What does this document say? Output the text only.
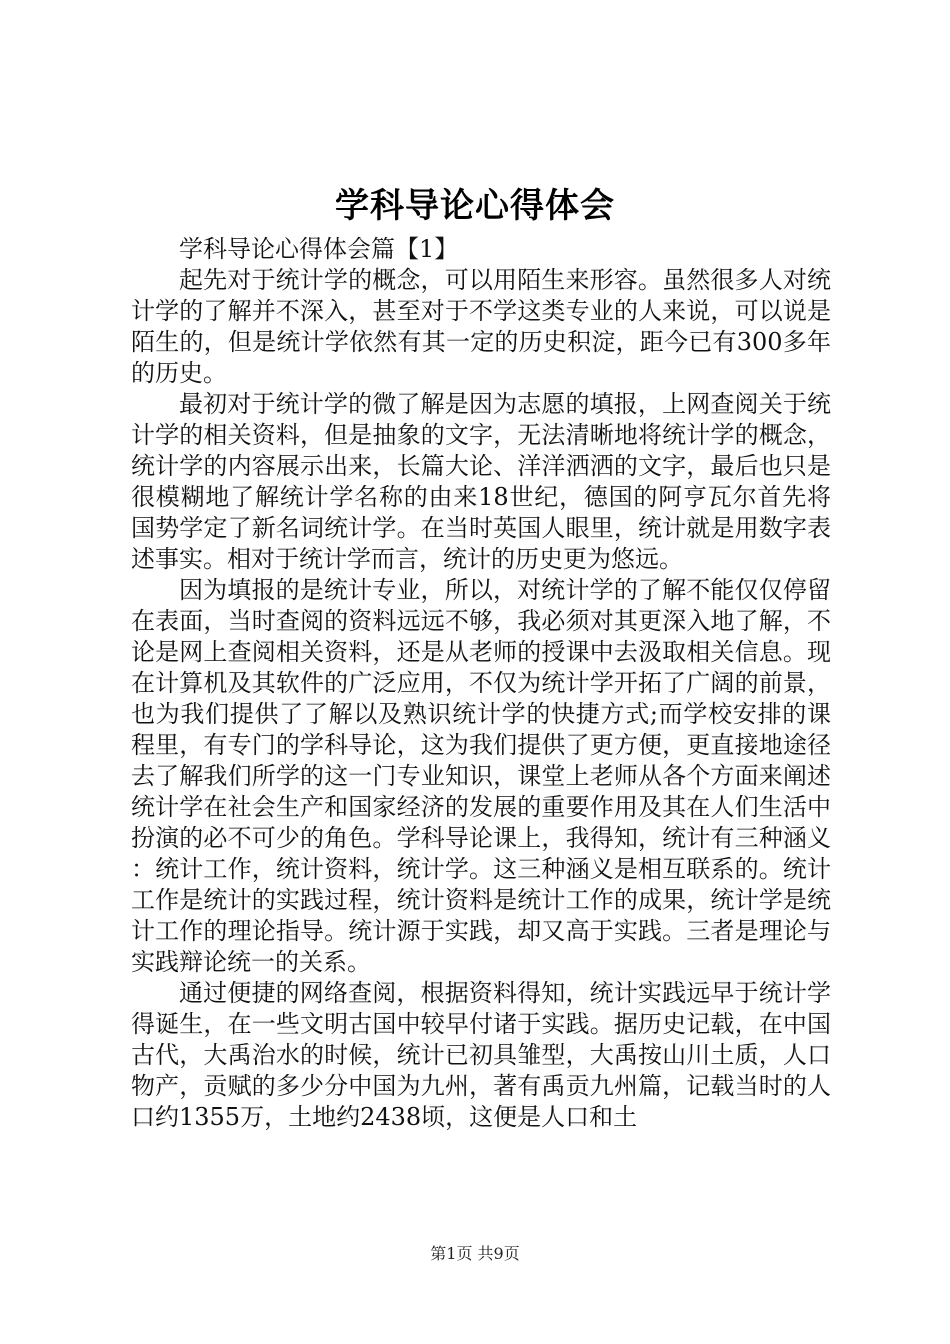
学科导论心得体会

学科导论心得体会篇【1】

起先对于统计学的概念，可以用陌生来形容。虽然很多人对统计学的了解并不深入，甚至对于不学这类专业的人来说，可以说是陌生的，但是统计学依然有其一定的历史积淀，距今已有300多年的历史。

最初对于统计学的微了解是因为志愿的填报，上网查阅关于统计学的相关资料，但是抽象的文字，无法清晰地将统计学的概念，统计学的内容展示出来，长篇大论、洋洋洒洒的文字，最后也只是很模糊地了解统计学名称的由来18世纪，德国的阿亨瓦尔首先将国势学定了新名词统计学。在当时英国人眼里，统计就是用数字表述事实。相对于统计学而言，统计的历史更为悠远。

因为填报的是统计专业，所以，对统计学的了解不能仅仅停留在表面，当时查阅的资料远远不够，我必须对其更深入地了解，不论是网上查阅相关资料，还是从老师的授课中去汲取相关信息。现在计算机及其软件的广泛应用，不仅为统计学开拓了广阔的前景，也为我们提供了了解以及熟识统计学的快捷方式;而学校安排的课程里，有专门的学科导论，这为我们提供了更方便，更直接地途径去了解我们所学的这一门专业知识，课堂上老师从各个方面来阐述统计学在社会生产和国家经济的发展的重要作用及其在人们生活中扮演的必不可少的角色。学科导论课上，我得知，统计有三种涵义：统计工作，统计资料，统计学。这三种涵义是相互联系的。统计工作是统计的实践过程，统计资料是统计工作的成果，统计学是统计工作的理论指导。统计源于实践，却又高于实践。三者是理论与实践辩论统一的关系。

通过便捷的网络查阅，根据资料得知，统计实践远早于统计学得诞生，在一些文明古国中较早付诸于实践。据历史记载，在中国古代，大禹治水的时候，统计已初具雏型，大禹按山川土质，人口物产，贡赋的多少分中国为九州，著有禹贡九州篇，记载当时的人口约1355万，土地约2438顷，这便是人口和土

第1页 共9页
